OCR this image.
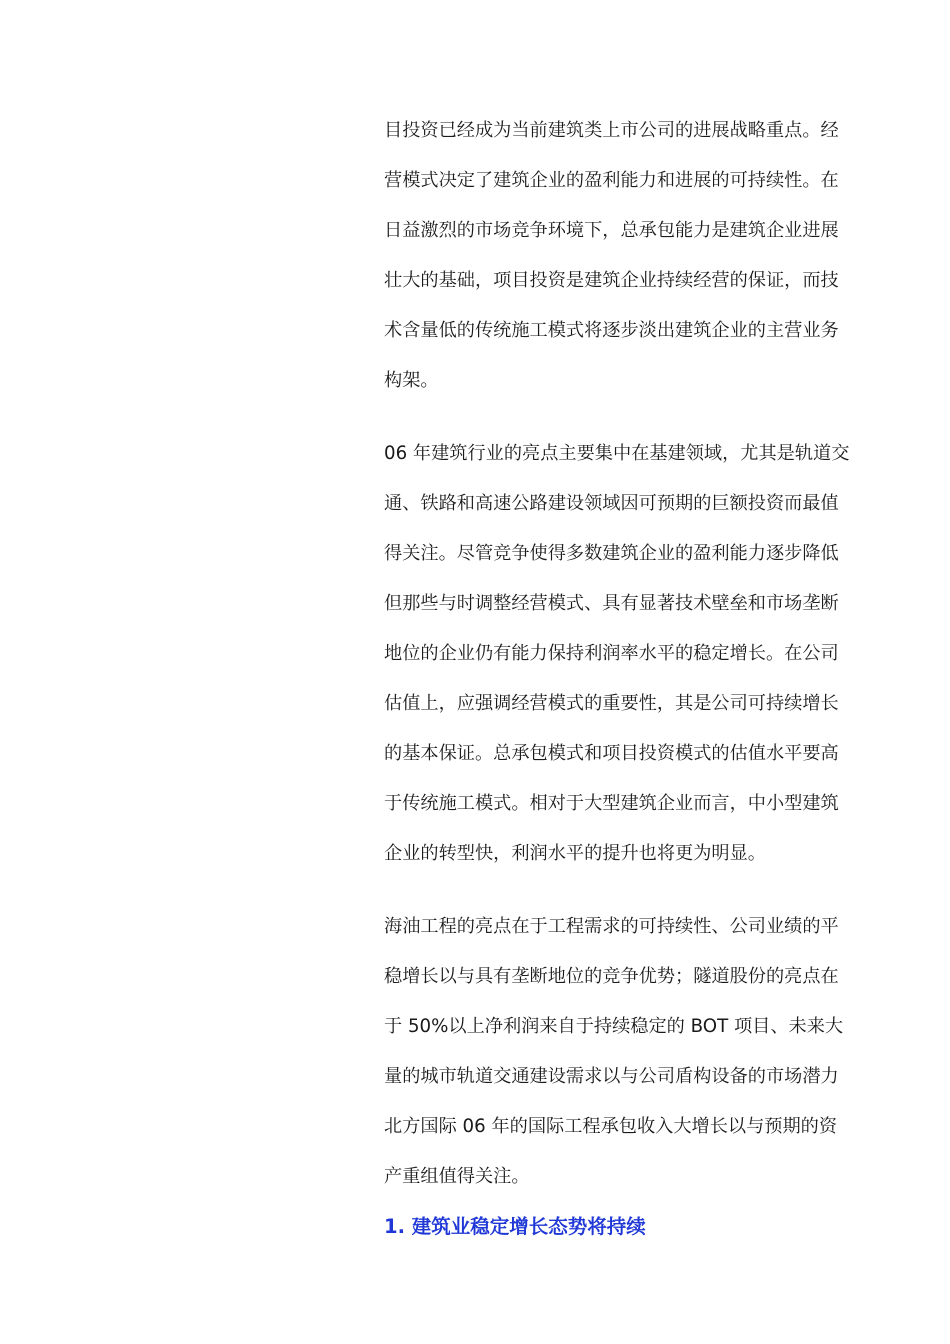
目投资已经成为当前建筑类上市公司的进展战略重点。经
营模式决定了建筑企业的盈利能力和进展的可持续性。在
日益激烈的市场竞争环境下，总承包能力是建筑企业进展
壮大的基础，项目投资是建筑企业持续经营的保证，而技
术含量低的传统施工模式将逐步淡出建筑企业的主营业务
构架。
06 年建筑行业的亮点主要集中在基建领域，尤其是轨道交
通、铁路和高速公路建设领域因可预期的巨额投资而最值
得关注。尽管竞争使得多数建筑企业的盈利能力逐步降低
但那些与时调整经营模式、具有显著技术壁垒和市场垄断
地位的企业仍有能力保持利润率水平的稳定增长。在公司
估值上，应强调经营模式的重要性，其是公司可持续增长
的基本保证。总承包模式和项目投资模式的估值水平要高
于传统施工模式。相对于大型建筑企业而言，中小型建筑
企业的转型快，利润水平的提升也将更为明显。
海油工程的亮点在于工程需求的可持续性、公司业绩的平
稳增长以与具有垄断地位的竞争优势；隧道股份的亮点在
于 50%以上净利润来自于持续稳定的 BOT 项目、未来大
量的城市轨道交通建设需求以与公司盾构设备的市场潜力
北方国际 06 年的国际工程承包收入大增长以与预期的资
产重组值得关注。
1. 建筑业稳定增长态势将持续
